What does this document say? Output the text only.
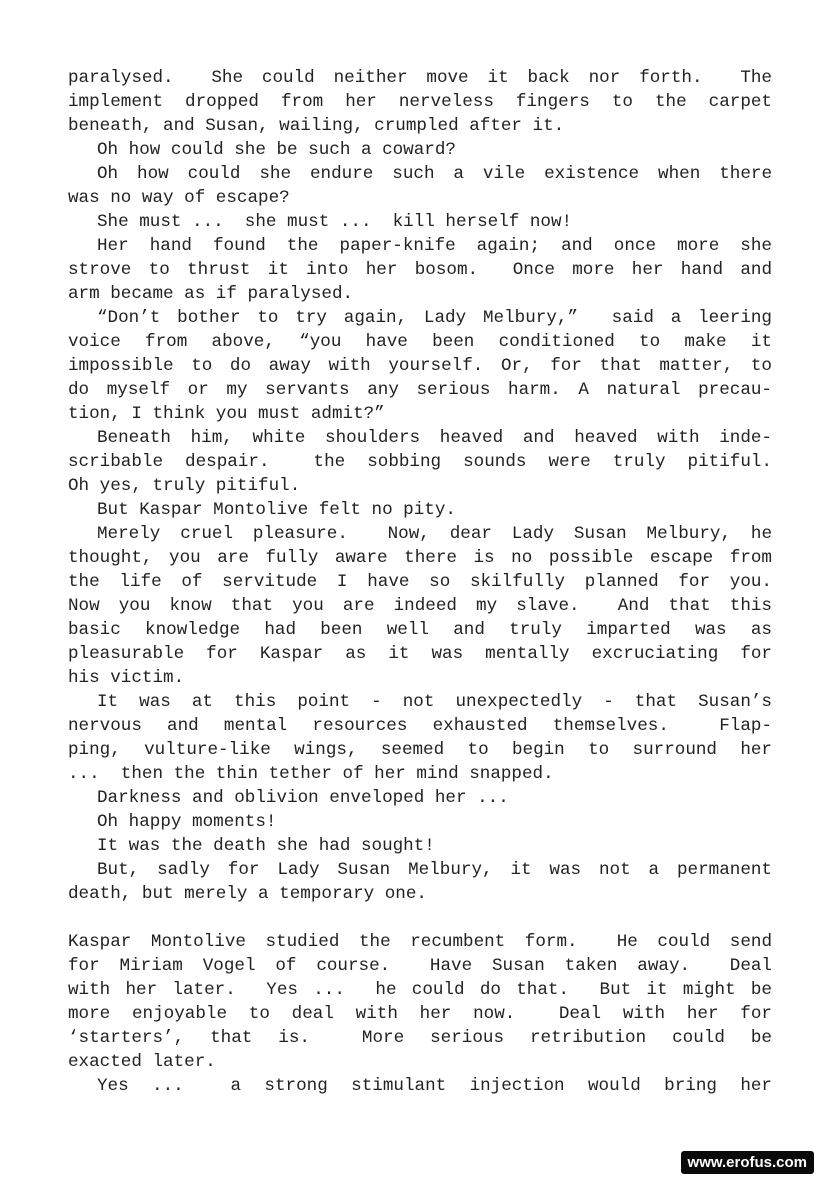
paralysed.  She could neither move it back nor forth.  The
implement dropped from her nerveless fingers to the carpet
beneath, and Susan, wailing, crumpled after it.
Oh how could she be such a coward?
Oh how could she endure such a vile existence when there
was no way of escape?
She must ...  she must ...  kill herself now!
Her hand found the paper-knife again; and once more she
strove to thrust it into her bosom.  Once more her hand and
arm became as if paralysed.
“Don’t bother to try again, Lady Melbury,”  said a leering
voice from above, “you have been conditioned to make it
impossible to do away with yourself. Or, for that matter, to
do myself or my servants any serious harm. A natural precau-
tion, I think you must admit?”
Beneath him, white shoulders heaved and heaved with inde-
scribable despair.  the sobbing sounds were truly pitiful.
Oh yes, truly pitiful.
But Kaspar Montolive felt no pity.
Merely cruel pleasure.  Now, dear Lady Susan Melbury, he
thought, you are fully aware there is no possible escape from
the life of servitude I have so skilfully planned for you.
Now you know that you are indeed my slave.  And that this
basic knowledge had been well and truly imparted was as
pleasurable for Kaspar as it was mentally excruciating for
his victim.
It was at this point - not unexpectedly - that Susan’s
nervous and mental resources exhausted themselves.  Flap-
ping, vulture-like wings, seemed to begin to surround her
...  then the thin tether of her mind snapped.
Darkness and oblivion enveloped her ...
Oh happy moments!
It was the death she had sought!
But, sadly for Lady Susan Melbury, it was not a permanent
death, but merely a temporary one.
Kaspar Montolive studied the recumbent form.  He could send
for Miriam Vogel of course.  Have Susan taken away.  Deal
with her later.  Yes ...  he could do that.  But it might be
more enjoyable to deal with her now.  Deal with her for
‘starters’, that is.  More serious retribution could be
exacted later.
Yes ...  a strong stimulant injection would bring her
www.erofus.com
